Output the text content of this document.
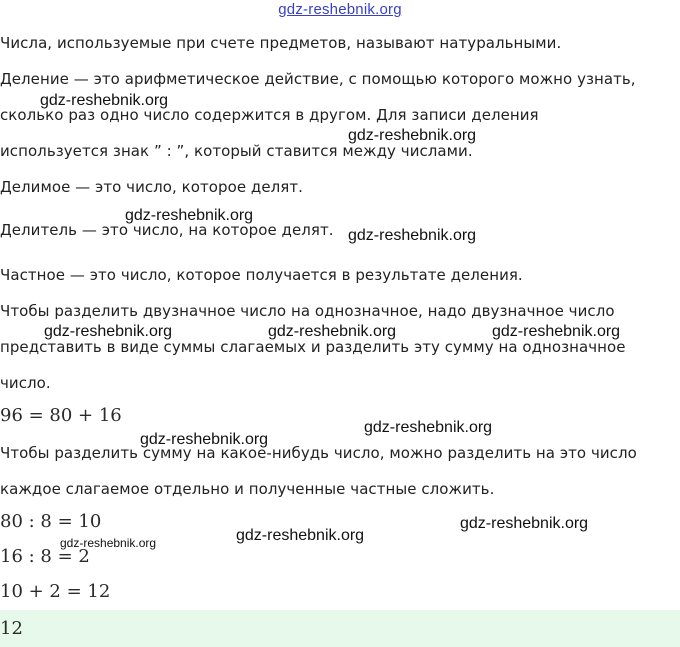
gdz-reshebnik.org
Числа, используемые при счете предметов, называют натуральными.
Деление — это арифметическое действие, с помощью которого можно узнать,
сколько раз одно число содержится в другом. Для записи деления
используется знак ” : ”, который ставится между числами.
Делимое — это число, которое делят.
Делитель — это число, на которое делят.
Частное — это число, которое получается в результате деления.
Чтобы разделить двузначное число на однозначное, надо двузначное число
представить в виде суммы слагаемых и разделить эту сумму на однозначное
число.
96 = 80 + 16
Чтобы разделить сумму на какое-нибудь число, можно разделить на это число
каждое слагаемое отдельно и полученные частные сложить.
80 : 8 = 10
16 : 8 = 2
10 + 2 = 12
12
gdz-reshebnik.org
gdz-reshebnik.org
gdz-reshebnik.org
gdz-reshebnik.org
gdz-reshebnik.org	gdz-reshebnik.org	gdz-reshebnik.org
gdz-reshebnik.org
gdz-reshebnik.org
gdz-reshebnik.org
gdz-reshebnik.org
gdz-reshebnik.org
